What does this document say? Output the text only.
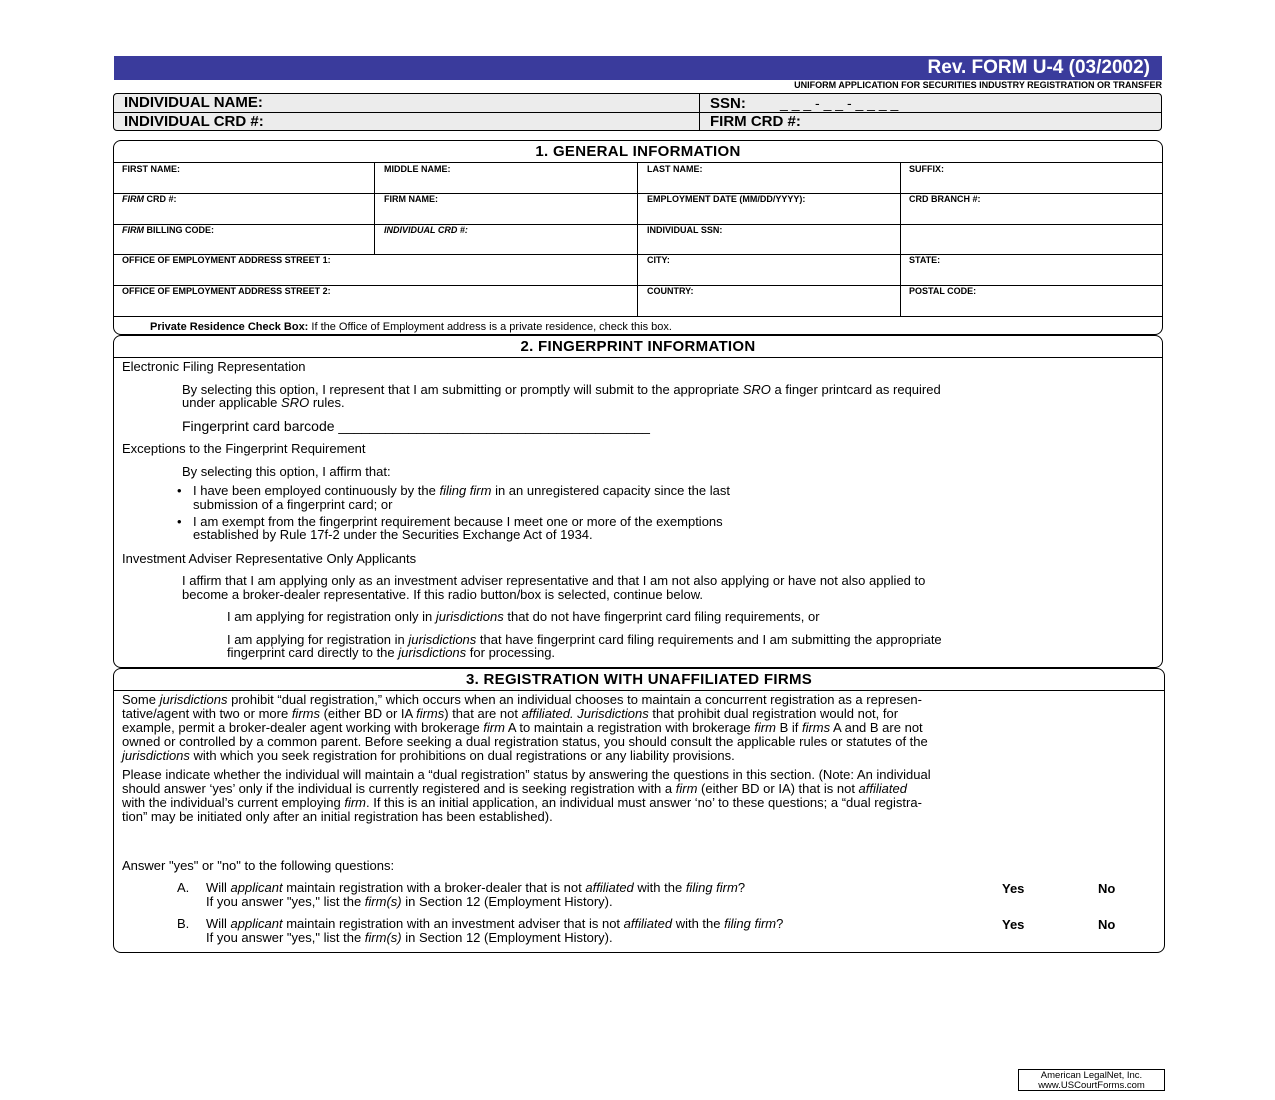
Rev. FORM U-4 (03/2002)
UNIFORM APPLICATION FOR SECURITIES INDUSTRY REGISTRATION OR TRANSFER
INDIVIDUAL NAME:	SSN: _ _ _ - _ _ - _ _ _ _
INDIVIDUAL CRD #:	FIRM CRD #:
1. GENERAL INFORMATION
FIRST NAME:	MIDDLE NAME:	LAST NAME:	SUFFIX:
FIRM CRD #:	FIRM NAME:	EMPLOYMENT DATE (MM/DD/YYYY):	CRD BRANCH #:
FIRM BILLING CODE:	INDIVIDUAL CRD #:	INDIVIDUAL SSN:
OFFICE OF EMPLOYMENT ADDRESS STREET 1:	CITY:	STATE:
OFFICE OF EMPLOYMENT ADDRESS STREET 2:	COUNTRY:	POSTAL CODE:
Private Residence Check Box: If the Office of Employment address is a private residence, check this box.
2. FINGERPRINT INFORMATION
Electronic Filing Representation
By selecting this option, I represent that I am submitting or promptly will submit to the appropriate SRO a finger printcard as required
under applicable SRO rules.
Fingerprint card barcode ________________________________________
Exceptions to the Fingerprint Requirement
By selecting this option, I affirm that:
• I have been employed continuously by the filing firm in an unregistered capacity since the last
submission of a fingerprint card; or
• I am exempt from the fingerprint requirement because I meet one or more of the exemptions
established by Rule 17f-2 under the Securities Exchange Act of 1934.
Investment Adviser Representative Only Applicants
I affirm that I am applying only as an investment adviser representative and that I am not also applying or have not also applied to
become a broker-dealer representative. If this radio button/box is selected, continue below.
I am applying for registration only in jurisdictions that do not have fingerprint card filing requirements, or
I am applying for registration in jurisdictions that have fingerprint card filing requirements and I am submitting the appropriate
fingerprint card directly to the jurisdictions for processing.
3. REGISTRATION WITH UNAFFILIATED FIRMS
Some jurisdictions prohibit “dual registration,” which occurs when an individual chooses to maintain a concurrent registration as a represen-
tative/agent with two or more firms (either BD or IA firms) that are not affiliated. Jurisdictions that prohibit dual registration would not, for
example, permit a broker-dealer agent working with brokerage firm A to maintain a registration with brokerage firm B if firms A and B are not
owned or controlled by a common parent. Before seeking a dual registration status, you should consult the applicable rules or statutes of the
jurisdictions with which you seek registration for prohibitions on dual registrations or any liability provisions.
Please indicate whether the individual will maintain a “dual registration” status by answering the questions in this section. (Note: An individual
should answer ‘yes’ only if the individual is currently registered and is seeking registration with a firm (either BD or IA) that is not affiliated
with the individual’s current employing firm. If this is an initial application, an individual must answer ‘no’ to these questions; a “dual registra-
tion” may be initiated only after an initial registration has been established).
Answer "yes" or "no" to the following questions:
A. Will applicant maintain registration with a broker-dealer that is not affiliated with the filing firm?
If you answer "yes," list the firm(s) in Section 12 (Employment History).
Yes	No
B. Will applicant maintain registration with an investment adviser that is not affiliated with the filing firm?
If you answer "yes," list the firm(s) in Section 12 (Employment History).
Yes	No
American LegalNet, Inc.
www.USCourtForms.com
